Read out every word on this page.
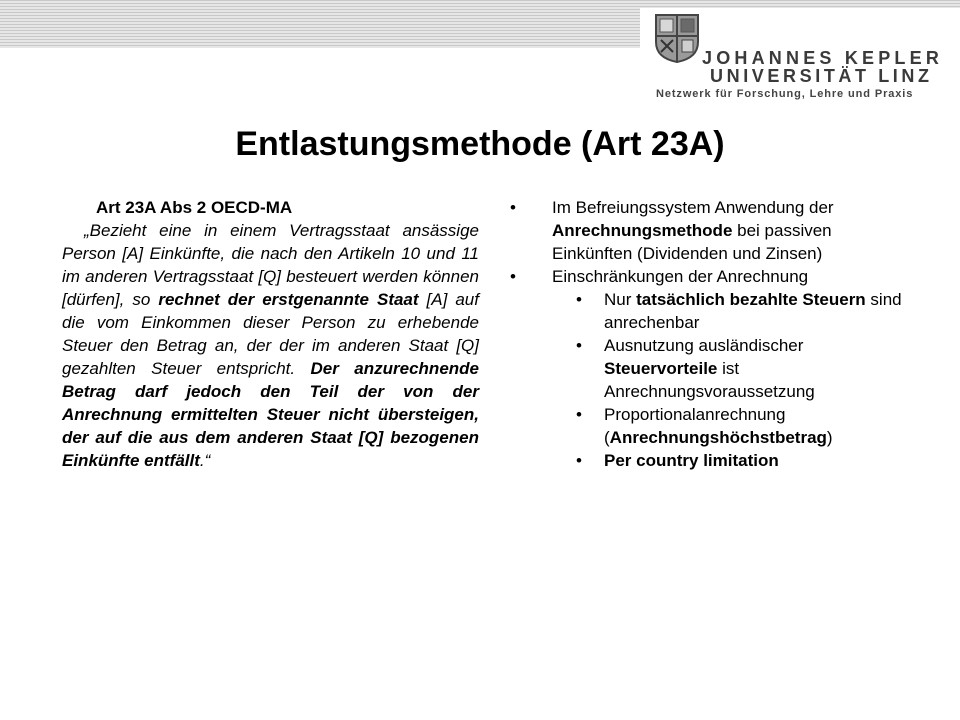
JOHANNES KEPLER
UNIVERSITÄT LINZ
Netzwerk für Forschung, Lehre und Praxis
Entlastungsmethode (Art 23A)
Art 23A Abs 2 OECD-MA
„Bezieht eine in einem Vertragsstaat ansässige Person [A] Einkünfte, die nach den Artikeln 10 und 11 im anderen Vertragsstaat [Q] besteuert werden können [dürfen], so rechnet der erstgenannte Staat [A] auf die vom Einkommen dieser Person zu erhebende Steuer den Betrag an, der der im anderen Staat [Q] gezahlten Steuer entspricht. Der anzurechnende Betrag darf jedoch den Teil der von der Anrechnung ermittelten Steuer nicht übersteigen, der auf die aus dem anderen Staat [Q] bezogenen Einkünfte entfällt.“
• Im Befreiungssystem Anwendung der Anrechnungsmethode bei passiven Einkünften (Dividenden und Zinsen)
• Einschränkungen der Anrechnung
• Nur tatsächlich bezahlte Steuern sind anrechenbar
• Ausnutzung ausländischer Steuervorteile ist Anrechnungsvoraussetzung
• Proportionalanrechnung (Anrechnungshöchstbetrag)
• Per country limitation
